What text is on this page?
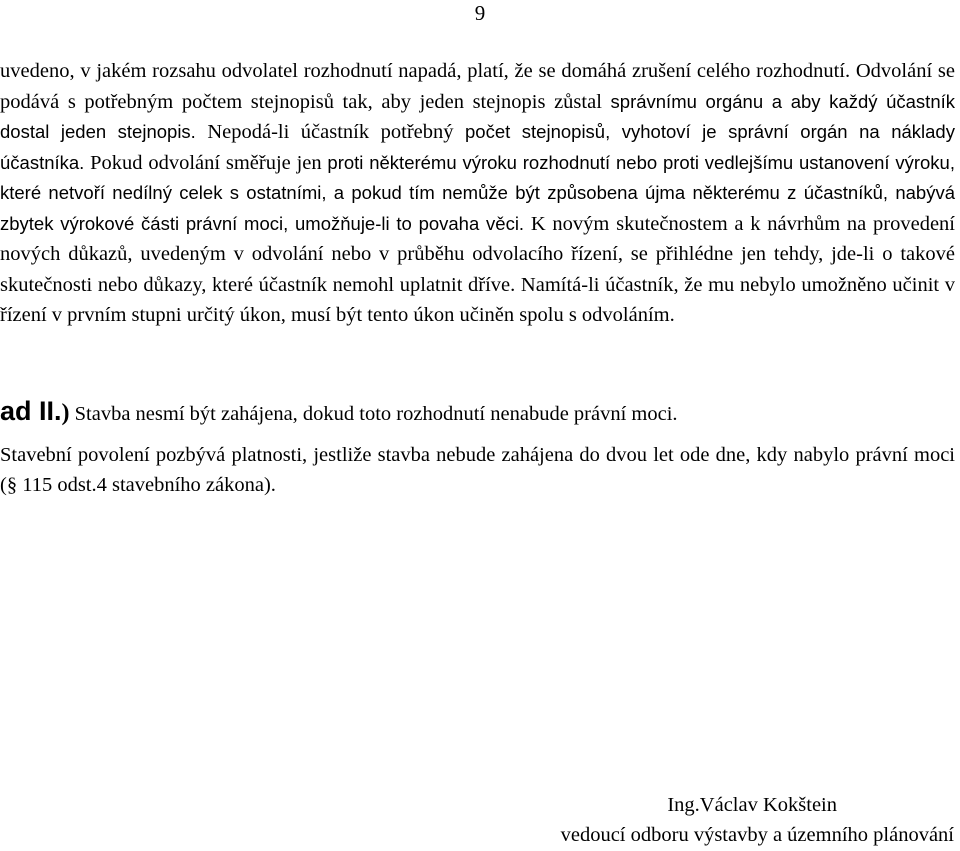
9

uvedeno, v jakém rozsahu odvolatel rozhodnutí napadá, platí, že se domáhá zrušení celého rozhodnutí. Odvolání se podává s potřebným počtem stejnopisů tak, aby jeden stejnopis zůstal správnímu orgánu a aby každý účastník dostal jeden stejnopis. Nepodá-li účastník potřebný počet stejnopisů, vyhotoví je správní orgán na náklady účastníka. Pokud odvolání směřuje jen proti některému výroku rozhodnutí nebo proti vedlejšímu ustanovení výroku, které netvoří nedílný celek s ostatními, a pokud tím nemůže být způsobena újma některému z účastníků, nabývá zbytek výrokové části právní moci, umožňuje-li to povaha věci. K novým skutečnostem a k návrhům na provedení nových důkazů, uvedeným v odvolání nebo v průběhu odvolacího řízení, se přihlédne jen tehdy, jde-li o takové skutečnosti nebo důkazy, které účastník nemohl uplatnit dříve. Namítá-li účastník, že mu nebylo umožněno učinit v řízení v prvním stupni určitý úkon, musí být tento úkon učiněn spolu s odvoláním.

ad II.) Stavba nesmí být zahájena, dokud toto rozhodnutí nenabude právní moci.

Stavební povolení pozbývá platnosti, jestliže stavba nebude zahájena do dvou let ode dne, kdy nabylo právní moci (§ 115 odst.4 stavebního zákona).

Ing.Václav Kokštein
vedoucí odboru výstavby a územního plánování
